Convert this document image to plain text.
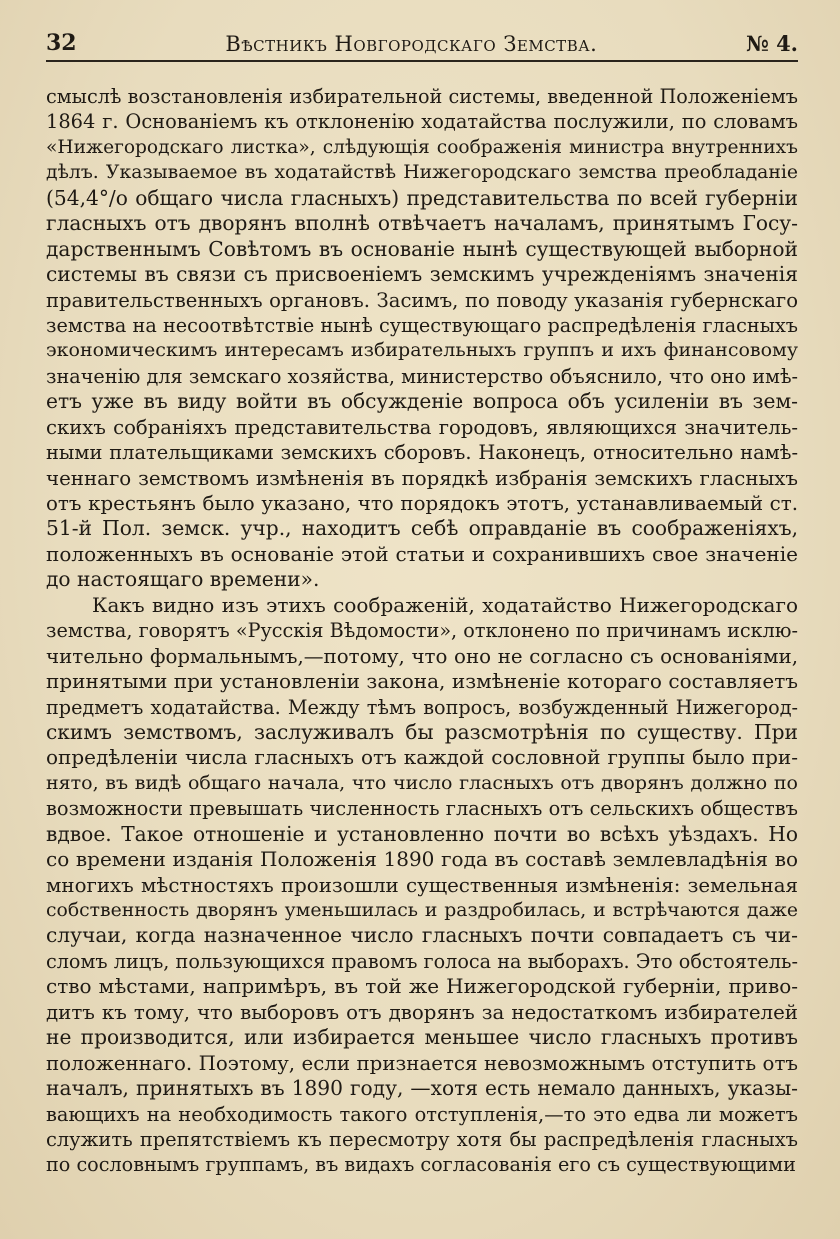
32	Вѣстникъ Новгородскаго Земства.	№ 4.
смыслѣ возстановленія избирательной системы, введенной Положеніемъ
1864 г. Основаніемъ къ отклоненію ходатайства послужили, по словамъ
«Нижегородскаго листка», слѣдующія соображенія министра внутреннихъ
дѣлъ. Указываемое въ ходатайствѣ Нижегородскаго земства преобладаніе
(54,4°/о общаго числа гласныхъ) представительства по всей губерніи
гласныхъ отъ дворянъ вполнѣ отвѣчаетъ началамъ, принятымъ Госу-
дарственнымъ Совѣтомъ въ основаніе нынѣ существующей выборной
системы въ связи съ присвоеніемъ земскимъ учрежденіямъ значенія
правительственныхъ органовъ. Засимъ, по поводу указанія губернскаго
земства на несоотвѣтствіе нынѣ существующаго распредѣленія гласныхъ
экономическимъ интересамъ избирательныхъ группъ и ихъ финансовому
значенію для земскаго хозяйства, министерство объяснило, что оно имѣ-
етъ уже въ виду войти въ обсужденіе вопроса объ усиленіи въ зем-
скихъ собраніяхъ представительства городовъ, являющихся значитель-
ными плательщиками земскихъ сборовъ. Наконецъ, относительно намѣ-
ченнаго земствомъ измѣненія въ порядкѣ избранія земскихъ гласныхъ
отъ крестьянъ было указано, что порядокъ этотъ, устанавливаемый ст.
51-й Пол. земск. учр., находитъ себѣ оправданіе въ соображеніяхъ,
положенныхъ въ основаніе этой статьи и сохранившихъ свое значеніе
до настоящаго времени».
Какъ видно изъ этихъ соображеній, ходатайство Нижегородскаго
земства, говорятъ «Русскія Вѣдомости», отклонено по причинамъ исклю-
чительно формальнымъ,—потому, что оно не согласно съ основаніями,
принятыми при установленіи закона, измѣненіе котораго составляетъ
предметъ ходатайства. Между тѣмъ вопросъ, возбужденный Нижегород-
скимъ земствомъ, заслуживалъ бы разсмотрѣнія по существу. При
опредѣленіи числа гласныхъ отъ каждой сословной группы было при-
нято, въ видѣ общаго начала, что число гласныхъ отъ дворянъ должно по
возможности превышать численность гласныхъ отъ сельскихъ обществъ
вдвое. Такое отношеніе и установленно почти во всѣхъ уѣздахъ. Но
со времени изданія Положенія 1890 года въ составѣ землевладѣнія во
многихъ мѣстностяхъ произошли существенныя измѣненія: земельная
собственность дворянъ уменьшилась и раздробилась, и встрѣчаются даже
случаи, когда назначенное число гласныхъ почти совпадаетъ съ чи-
сломъ лицъ, пользующихся правомъ голоса на выборахъ. Это обстоятель-
ство мѣстами, напримѣръ, въ той же Нижегородской губерніи, приво-
дитъ къ тому, что выборовъ отъ дворянъ за недостаткомъ избирателей
не производится, или избирается меньшее число гласныхъ противъ
положеннаго. Поэтому, если признается невозможнымъ отступить отъ
началъ, принятыхъ въ 1890 году, —хотя есть немало данныхъ, указы-
вающихъ на необходимость такого отступленія,—то это едва ли можетъ
служить препятствіемъ къ пересмотру хотя бы распредѣленія гласныхъ
по сословнымъ группамъ, въ видахъ согласованія его съ существующими
